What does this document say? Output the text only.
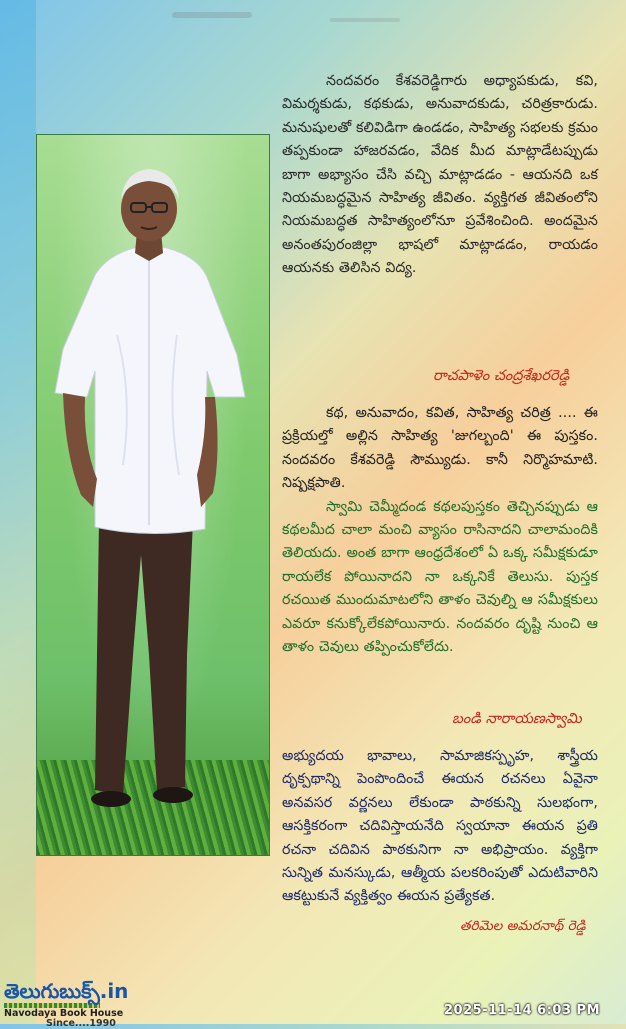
నందవరం కేశవరెడ్డిగారు అధ్యాపకుడు, కవి, విమర్శకుడు, కథకుడు, అనువాదకుడు, చరిత్రకారుడు. మనుషులతో కలివిడిగా ఉండడం, సాహిత్య సభలకు క్రమం తప్పకుండా హాజరవడం, వేదిక మీద మాట్లాడేటప్పుడు బాగా అభ్యాసం చేసి వచ్చి మాట్లాడడం - ఆయనది ఒక నియమబద్ధమైన సాహిత్య జీవితం. వ్యక్తిగత జీవితంలోని నియమబద్ధత సాహిత్యంలోనూ ప్రవేశించింది. అందమైన అనంతపురంజిల్లా భాషలో మాట్లాడడం, రాయడం ఆయనకు తెలిసిన విద్య.
రాచపాళెం చంద్రశేఖరరెడ్డి
కథ, అనువాదం, కవిత, సాహిత్య చరిత్ర .... ఈ ప్రక్రియల్తో అల్లిన సాహిత్య 'జుగల్బంది' ఈ పుస్తకం. నందవరం కేశవరెడ్డి సౌమ్యుడు. కానీ నిర్మొహమాటి. నిష్పక్షపాతి.
స్వామి చెమ్మీదండ కథలపుస్తకం తెచ్చినప్పుడు ఆ కథలమీద చాలా మంచి వ్యాసం రాసినాదని చాలామందికి తెలియదు. అంత బాగా ఆంధ్రదేశంలో ఏ ఒక్క సమీక్షకుడూ రాయలేక పోయినాదని నా ఒక్కనికే తెలుసు. పుస్తక రచయిత ముందుమాటలోని తాళం చెవుల్ని ఆ సమీక్షకులు ఎవరూ కనుక్కోలేకపోయినారు. నందవరం దృష్టి నుంచి ఆ తాళం చెవులు తప్పించుకోలేదు.
బండి నారాయణస్వామి
అభ్యుదయ భావాలు, సామాజికస్పృహ, శాస్త్రీయ దృక్పథాన్ని పెంపొందించే ఈయన రచనలు ఏవైనా అనవసర వర్ణనలు లేకుండా పాఠకున్ని సులభంగా, ఆసక్తికరంగా చదివిస్తాయనేది స్వయానా ఈయన ప్రతి రచనా చదివిన పాఠకునిగా నా అభిప్రాయం. వ్యక్తిగా సున్నిత మనస్కుడు, ఆత్మీయ పలకరింపుతో ఎదుటివారిని ఆకట్టుకునే వ్యక్తిత్వం ఈయన ప్రత్యేకత.
తరిమెల అమరనాథ్ రెడ్డి
తెలుగుబుక్స్.in
Navodaya Book House
Since....1990
2025-11-14 6:03 PM
